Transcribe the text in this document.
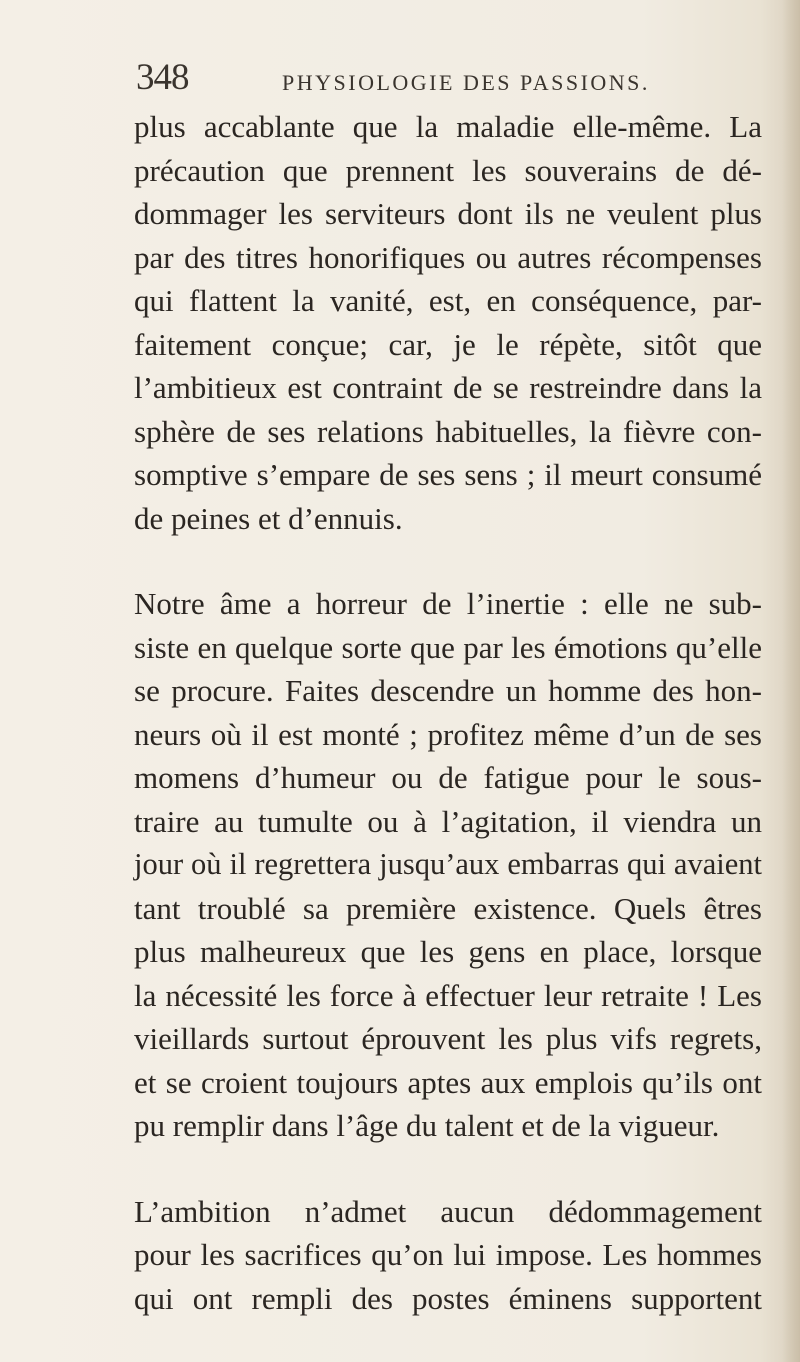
348	PHYSIOLOGIE DES PASSIONS.
plus accablante que la maladie elle-même. La
précaution que prennent les souverains de dé-
dommager les serviteurs dont ils ne veulent plus
par des titres honorifiques ou autres récompenses
qui flattent la vanité, est, en conséquence, par-
faitement conçue; car, je le répète, sitôt que
l’ambitieux est contraint de se restreindre dans la
sphère de ses relations habituelles, la fièvre con-
somptive s’empare de ses sens ; il meurt consumé
de peines et d’ennuis.
Notre âme a horreur de l’inertie : elle ne sub-
siste en quelque sorte que par les émotions qu’elle
se procure. Faites descendre un homme des hon-
neurs où il est monté ; profitez même d’un de ses
momens d’humeur ou de fatigue pour le sous-
traire au tumulte ou à l’agitation, il viendra un
jour où il regrettera jusqu’aux embarras qui avaient
tant troublé sa première existence. Quels êtres
plus malheureux que les gens en place, lorsque
la nécessité les force à effectuer leur retraite ! Les
vieillards surtout éprouvent les plus vifs regrets,
et se croient toujours aptes aux emplois qu’ils ont
pu remplir dans l’âge du talent et de la vigueur.
L’ambition n’admet aucun dédommagement
pour les sacrifices qu’on lui impose. Les hommes
qui ont rempli des postes éminens supportent
